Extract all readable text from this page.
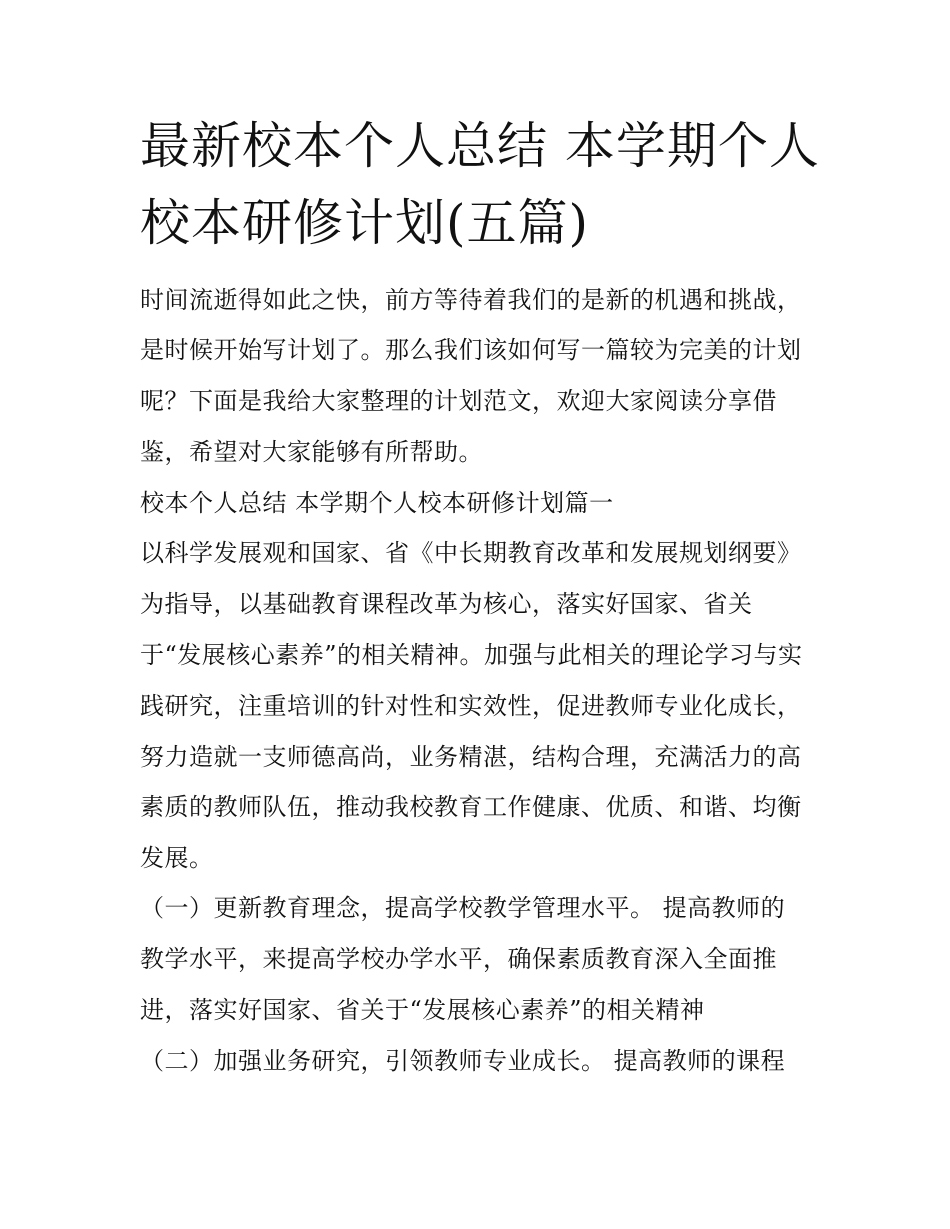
最新校本个人总结 本学期个人
校本研修计划(五篇)

时间流逝得如此之快，前方等待着我们的是新的机遇和挑战，

是时候开始写计划了。那么我们该如何写一篇较为完美的计划

呢？下面是我给大家整理的计划范文，欢迎大家阅读分享借

鉴，希望对大家能够有所帮助。

校本个人总结 本学期个人校本研修计划篇一

以科学发展观和国家、省《中长期教育改革和发展规划纲要》

为指导，以基础教育课程改革为核心，落实好国家、省关

于“发展核心素养”的相关精神。加强与此相关的理论学习与实

践研究，注重培训的针对性和实效性，促进教师专业化成长，

努力造就一支师德高尚，业务精湛，结构合理，充满活力的高

素质的教师队伍，推动我校教育工作健康、优质、和谐、均衡

发展。

（一）更新教育理念，提高学校教学管理水平。 提高教师的

教学水平，来提高学校办学水平，确保素质教育深入全面推

进，落实好国家、省关于“发展核心素养”的相关精神

（二）加强业务研究，引领教师专业成长。 提高教师的课程
